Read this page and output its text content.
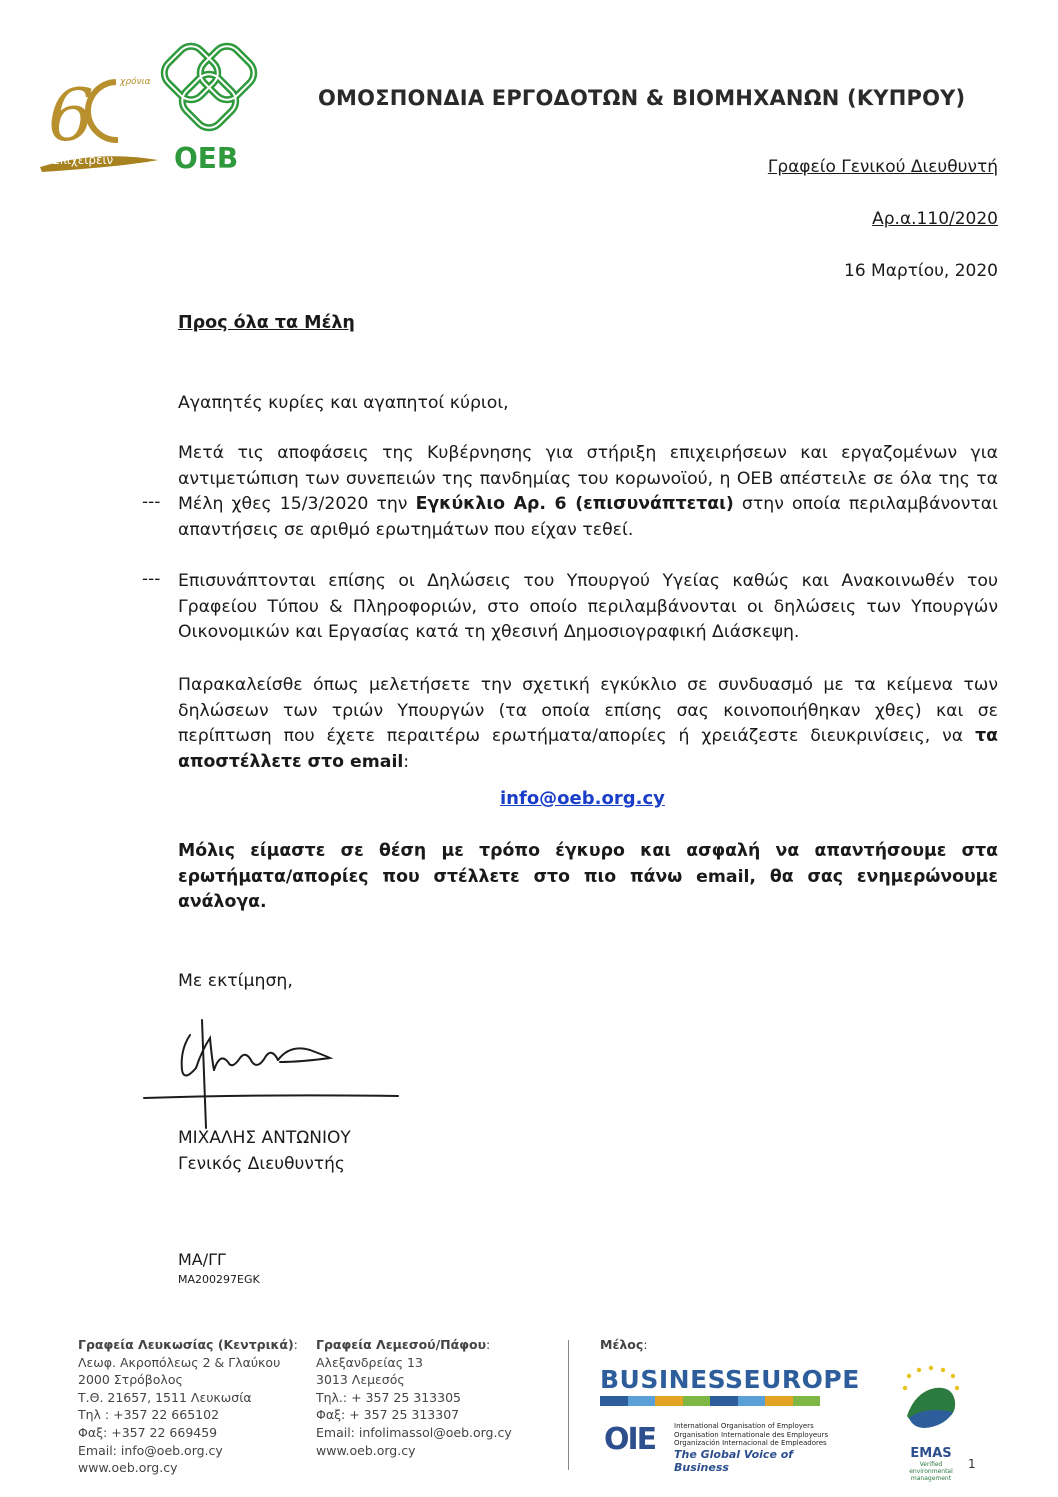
6	χρόνια
Επιχειρείν ΟΕΒ
ΟΜΟΣΠΟΝΔΙΑ ΕΡΓΟΔΟΤΩΝ & ΒΙΟΜΗΧΑΝΩΝ (ΚΥΠΡΟΥ)
Γραφείο Γενικού Διευθυντή
Αρ.α.110/2020
16 Μαρτίου, 2020
Προς όλα τα Μέλη
Αγαπητές κυρίες και αγαπητοί κύριοι,
Μετά τις αποφάσεις της Κυβέρνησης για στήριξη επιχειρήσεων και εργαζομένων για αντιμετώπιση των συνεπειών της πανδημίας του κορωνοϊού, η ΟΕΒ απέστειλε σε όλα της τα Μέλη χθες 15/3/2020 την Εγκύκλιο Αρ. 6 (επισυνάπτεται) στην οποία περιλαμβάνονται απαντήσεις σε αριθμό ερωτημάτων που είχαν τεθεί.
---
Επισυνάπτονται επίσης οι Δηλώσεις του Υπουργού Υγείας καθώς και Ανακοινωθέν του Γραφείου Τύπου & Πληροφοριών, στο οποίο περιλαμβάνονται οι δηλώσεις των Υπουργών Οικονομικών και Εργασίας κατά τη χθεσινή Δημοσιογραφική Διάσκεψη.
---
Παρακαλείσθε όπως μελετήσετε την σχετική εγκύκλιο σε συνδυασμό με τα κείμενα των δηλώσεων των τριών Υπουργών (τα οποία επίσης σας κοινοποιήθηκαν χθες) και σε περίπτωση που έχετε περαιτέρω ερωτήματα/απορίες ή χρειάζεστε διευκρινίσεις, να τα αποστέλλετε στο email:
info@oeb.org.cy
Μόλις είμαστε σε θέση με τρόπο έγκυρο και ασφαλή να απαντήσουμε στα ερωτήματα/απορίες που στέλλετε στο πιο πάνω email, θα σας ενημερώνουμε ανάλογα.
Με εκτίμηση,
ΜΙΧΑΛΗΣ ΑΝΤΩΝΙΟΥ
Γενικός Διευθυντής
ΜΑ/ΓΓ
MA200297EGK
Γραφεία Λευκωσίας (Κεντρικά):
Λεωφ. Ακροπόλεως 2 & Γλαύκου
2000 Στρόβολος
Τ.Θ. 21657, 1511 Λευκωσία
Τηλ : +357 22 665102
Φαξ: +357 22 669459
Email: info@oeb.org.cy
www.oeb.org.cy
Γραφεία Λεμεσού/Πάφου:
Αλεξανδρείας 13
3013 Λεμεσός
Τηλ.: + 357 25 313305
Φαξ: + 357 25 313307
Email: infolimassol@oeb.org.cy
www.oeb.org.cy
Μέλος:
BUSINESSEUROPE
OIE	International Organisation of Employers
Organisation Internationale des Employeurs
Organización Internacional de Empleadores
The Global Voice of Business
EMAS
Verified
environmental
management
1
